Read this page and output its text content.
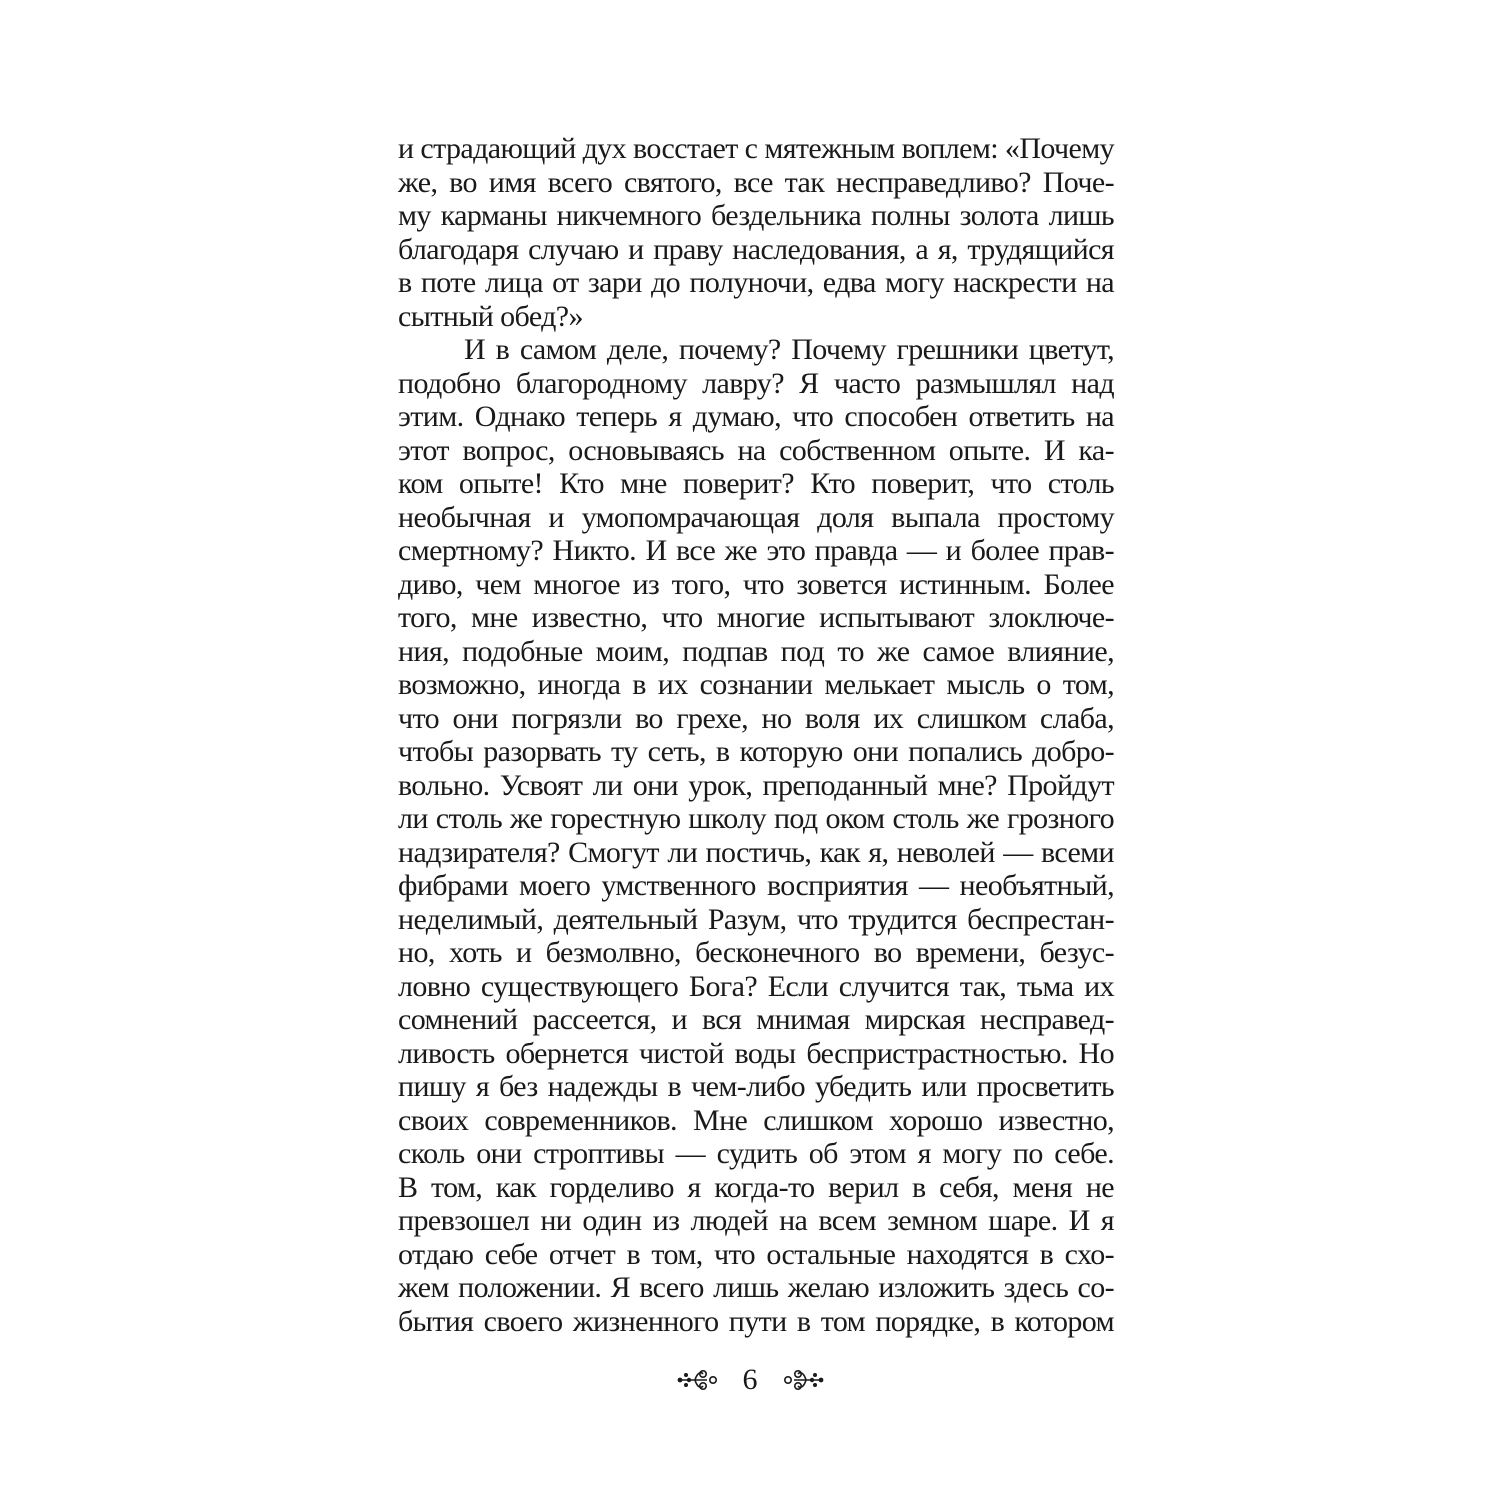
и страдающий дух восстает с мятежным воплем: «Почему
же, во имя всего святого, все так несправедливо? Поче-
му карманы никчемного бездельника полны золота лишь
благодаря случаю и праву наследования, а я, трудящийся
в поте лица от зари до полуночи, едва могу наскрести на
сытный обед?»
И в самом деле, почему? Почему грешники цветут,
подобно благородному лавру? Я часто размышлял над
этим. Однако теперь я думаю, что способен ответить на
этот вопрос, основываясь на собственном опыте. И ка-
ком опыте! Кто мне поверит? Кто поверит, что столь
необычная и умопомрачающая доля выпала простому
смертному? Никто. И все же это правда — и более прав-
диво, чем многое из того, что зовется истинным. Более
того, мне известно, что многие испытывают злоключе-
ния, подобные моим, подпав под то же самое влияние,
возможно, иногда в их сознании мелькает мысль о том,
что они погрязли во грехе, но воля их слишком слаба,
чтобы разорвать ту сеть, в которую они попались добро-
вольно. Усвоят ли они урок, преподанный мне? Пройдут
ли столь же горестную школу под оком столь же грозного
надзирателя? Смогут ли постичь, как я, неволей — всеми
фибрами моего умственного восприятия — необъятный,
неделимый, деятельный Разум, что трудится беспрестан-
но, хоть и безмолвно, бесконечного во времени, безус-
ловно существующего Бога? Если случится так, тьма их
сомнений рассеется, и вся мнимая мирская несправед-
ливость обернется чистой воды беспристрастностью. Но
пишу я без надежды в чем-либо убедить или просветить
своих современников. Мне слишком хорошо известно,
сколь они строптивы — судить об этом я могу по себе.
В том, как горделиво я когда-то верил в себя, меня не
превзошел ни один из людей на всем земном шаре. И я
отдаю себе отчет в том, что остальные находятся в схо-
жем положении. Я всего лишь желаю изложить здесь со-
бытия своего жизненного пути в том порядке, в котором
6
